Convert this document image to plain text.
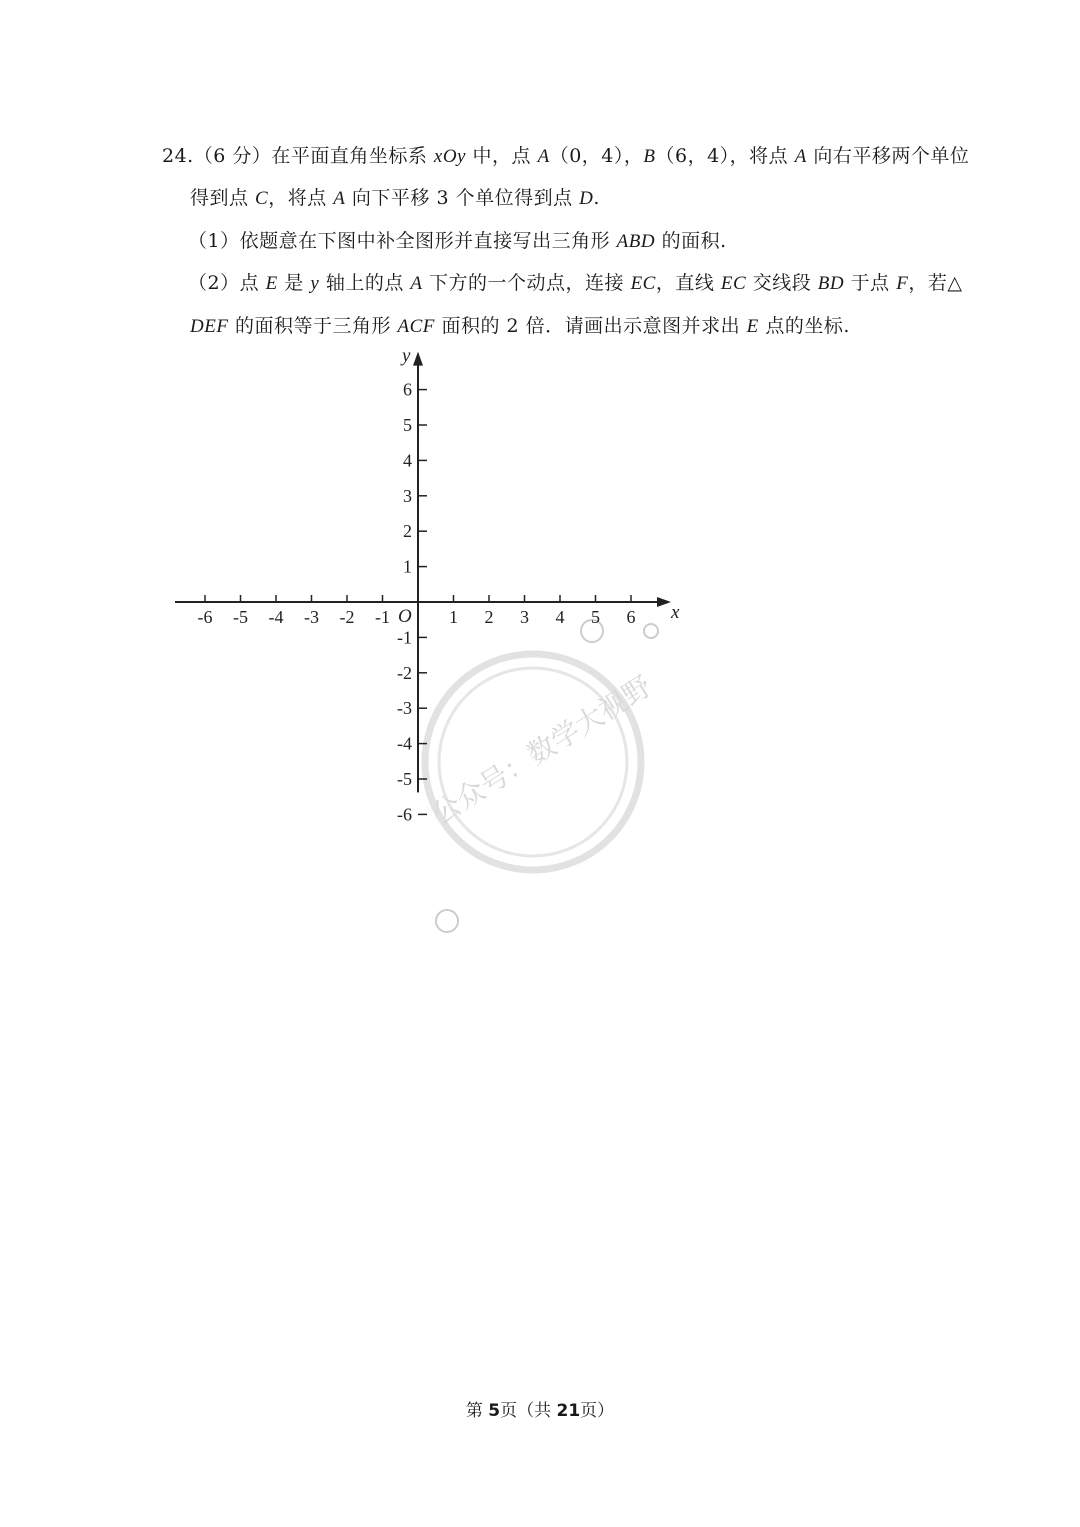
24.（6 分）在平面直角坐标系 xOy 中，点 A（0，4），B（6，4），将点 A 向右平移两个单位
得到点 C，将点 A 向下平移 3 个单位得到点 D.
（1）依题意在下图中补全图形并直接写出三角形 ABD 的面积.
（2）点 E 是 y 轴上的点 A 下方的一个动点，连接 EC，直线 EC 交线段 BD 于点 F，若△
DEF 的面积等于三角形 ACF 面积的 2 倍．请画出示意图并求出 E 点的坐标.
公众号：数学大视野
x
y
O
-6 -5 -4 -3 -2 -1	1 2 3 4 5 6
6
5
4
3
2
1
-1
-2
-3
-4
-5
-6
第 5页（共 21页）
